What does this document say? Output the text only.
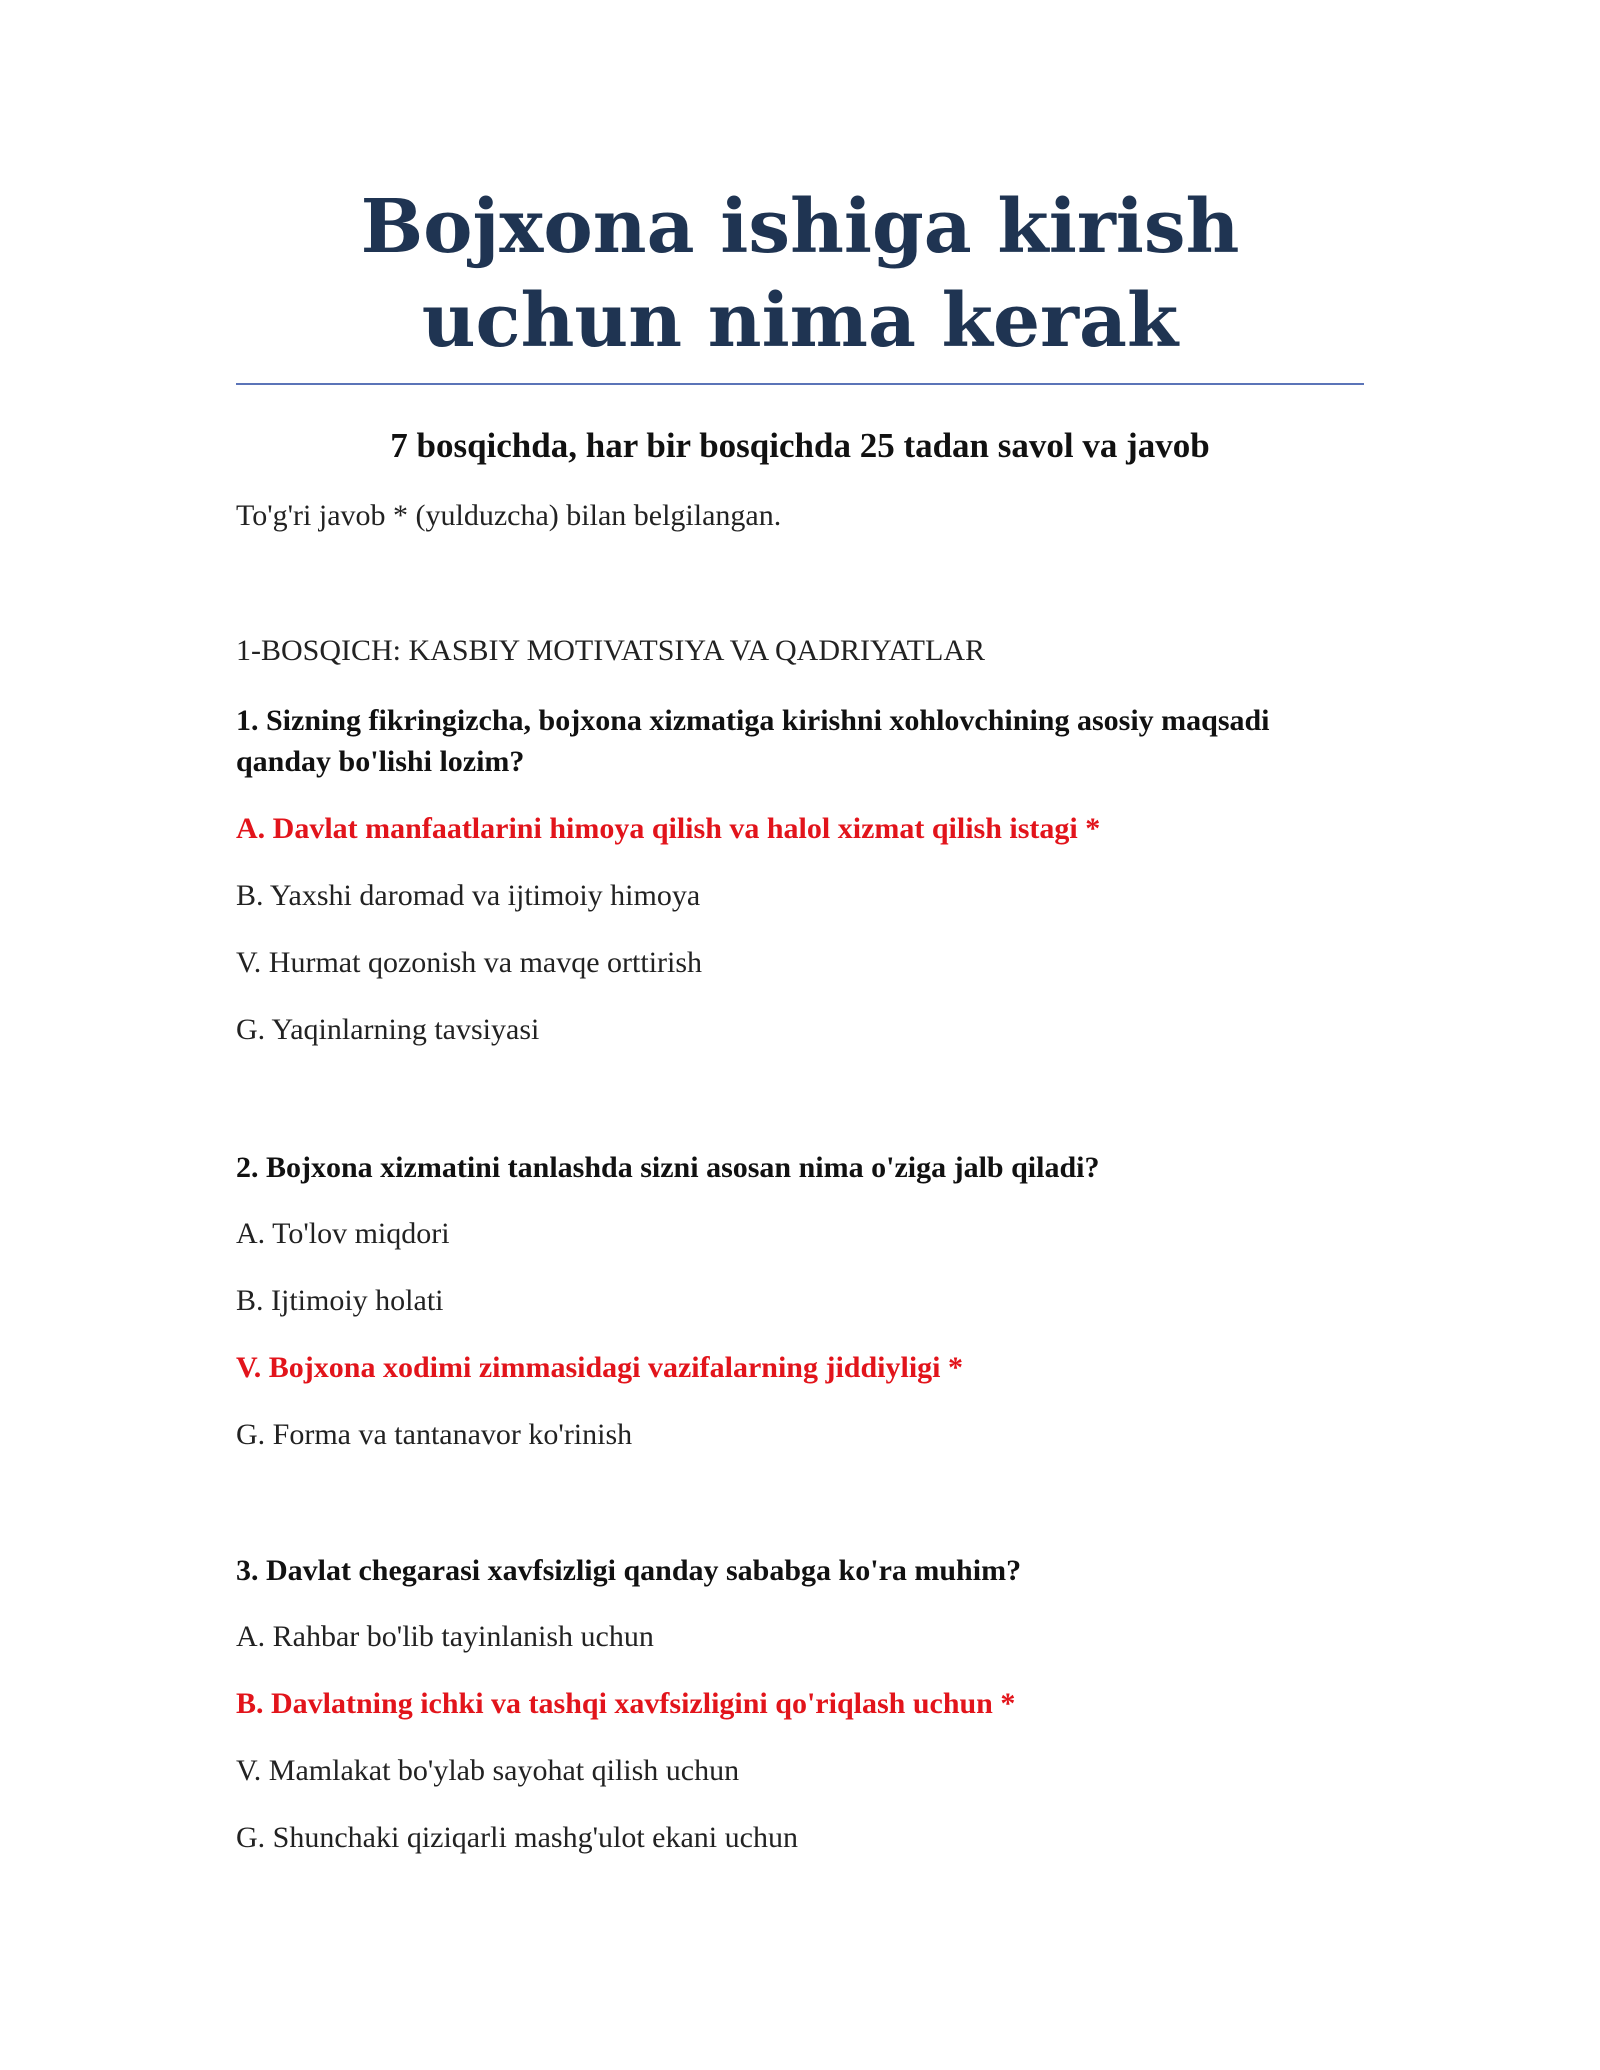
Bojxona ishiga kirish uchun nima kerak
7 bosqichda, har bir bosqichda 25 tadan savol va javob

To'g'ri javob * (yulduzcha) bilan belgilangan.

1-BOSQICH: KASBIY MOTIVATSIYA VA QADRIYATLAR

1. Sizning fikringizcha, bojxona xizmatiga kirishni xohlovchining asosiy maqsadi qanday bo'lishi lozim?

A. Davlat manfaatlarini himoya qilish va halol xizmat qilish istagi *

B. Yaxshi daromad va ijtimoiy himoya

V. Hurmat qozonish va mavqe orttirish

G. Yaqinlarning tavsiyasi

2. Bojxona xizmatini tanlashda sizni asosan nima o'ziga jalb qiladi?

A. To'lov miqdori

B. Ijtimoiy holati

V. Bojxona xodimi zimmasidagi vazifalarning jiddiyligi *

G. Forma va tantanavor ko'rinish

3. Davlat chegarasi xavfsizligi qanday sababga ko'ra muhim?

A. Rahbar bo'lib tayinlanish uchun

B. Davlatning ichki va tashqi xavfsizligini qo'riqlash uchun *

V. Mamlakat bo'ylab sayohat qilish uchun

G. Shunchaki qiziqarli mashg'ulot ekani uchun
